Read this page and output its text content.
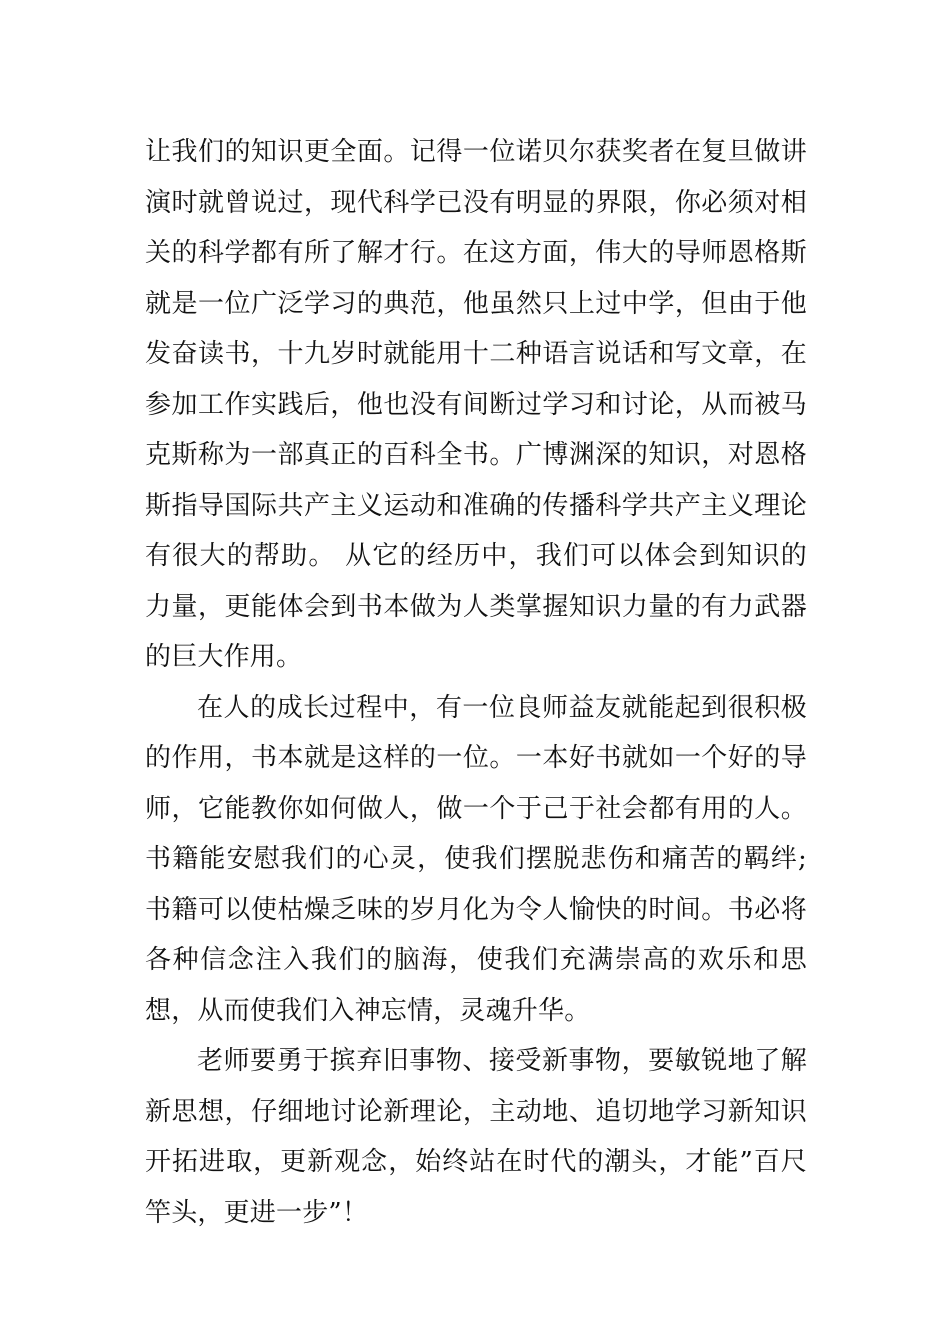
让我们的知识更全面。记得一位诺贝尔获奖者在复旦做讲演时就曾说过，现代科学已没有明显的界限，你必须对相关的科学都有所了解才行。在这方面，伟大的导师恩格斯就是一位广泛学习的典范，他虽然只上过中学，但由于他发奋读书，十九岁时就能用十二种语言说话和写文章，在参加工作实践后，他也没有间断过学习和讨论，从而被马克斯称为一部真正的百科全书。广博渊深的知识，对恩格斯指导国际共产主义运动和准确的传播科学共产主义理论有很大的帮助。 从它的经历中，我们可以体会到知识的力量，更能体会到书本做为人类掌握知识力量的有力武器的巨大作用。

在人的成长过程中，有一位良师益友就能起到很积极的作用，书本就是这样的一位。一本好书就如一个好的导师，它能教你如何做人，做一个于己于社会都有用的人。书籍能安慰我们的心灵，使我们摆脱悲伤和痛苦的羁绊;书籍可以使枯燥乏味的岁月化为令人愉快的时间。书必将各种信念注入我们的脑海，使我们充满崇高的欢乐和思想，从而使我们入神忘情，灵魂升华。

老师要勇于摈弃旧事物、接受新事物，要敏锐地了解新思想，仔细地讨论新理论，主动地、追切地学习新知识开拓进取，更新观念，始终站在时代的潮头，才能”百尺竿头，更进一步”！
